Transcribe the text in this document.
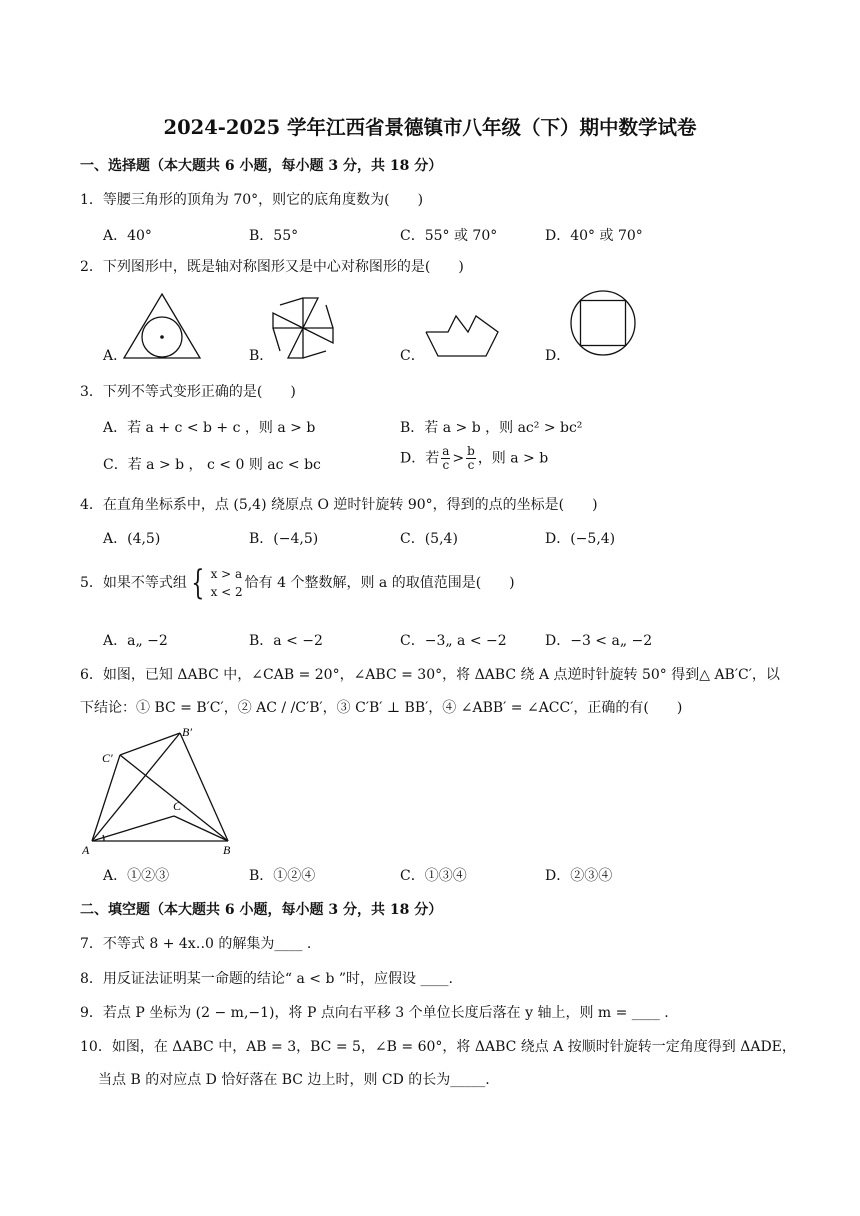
2024-2025 学年江西省景德镇市八年级（下）期中数学试卷
一、选择题（本大题共 6 小题，每小题 3 分，共 18 分）
1．等腰三角形的顶角为 70°，则它的底角度数为(　　)
A．40°	B．55°	C．55° 或 70°	D．40° 或 70°
2．下列图形中，既是轴对称图形又是中心对称图形的是(　　)
A．	B．	C．	D．
3．下列不等式变形正确的是(　　)
A．若 a + c < b + c ，则 a > b	B．若 a > b ，则 ac² > bc²
C．若 a > b ， c < 0 则 ac < bc	D．若 $\frac{a}{c} > \frac{b}{c}$ ，则 a > b
4．在直角坐标系中，点 (5,4) 绕原点 O 逆时针旋转 90°，得到的点的坐标是(　　)
A．(4,5)	B．(−4,5)	C．(5,4)	D．(−5,4)
5．如果不等式组 { x > a
x < 2
恰有 4 个整数解，则 a 的取值范围是(　　)
A．a„ −2	B．a < −2	C．−3„ a < −2	D．−3 < a„ −2
6．如图，已知 ΔABC 中，∠CAB = 20°，∠ABC = 30°，将 ΔABC 绕 A 点逆时针旋转 50° 得到△ AB′C′，以
下结论：① BC = B′C′，② AC / /C′B′，③ C′B′ ⊥ BB′，④ ∠ABB′ = ∠ACC′，正确的有(　　)
B′
C′
C
A	B
A．①②③	B．①②④	C．①③④	D．②③④
二、填空题（本大题共 6 小题，每小题 3 分，共 18 分）
7．不等式 8 + 4x‥0 的解集为____ .
8．用反证法证明某一命题的结论“ a < b ”时，应假设 ____.
9．若点 P 坐标为 (2 − m,−1)，将 P 点向右平移 3 个单位长度后落在 y 轴上，则 m = ____ .
10．如图，在 ΔABC 中，AB = 3，BC = 5，∠B = 60°，将 ΔABC 绕点 A 按顺时针旋转一定角度得到 ΔADE，
当点 B 的对应点 D 恰好落在 BC 边上时，则 CD 的长为_____.
